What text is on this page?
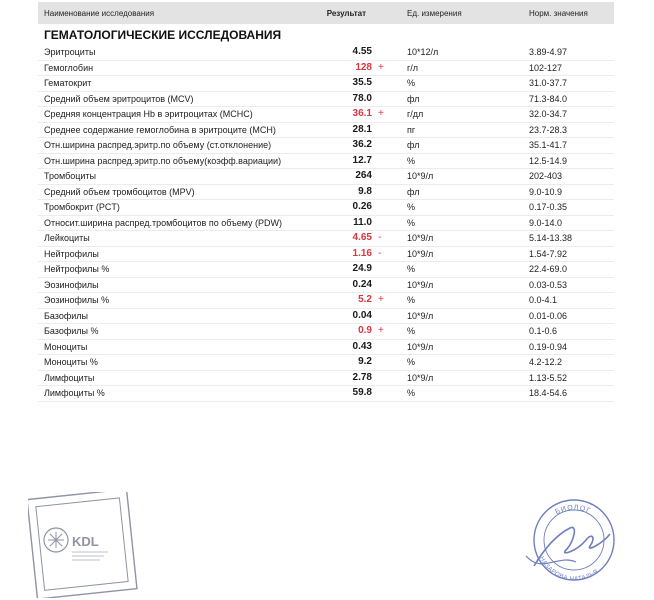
Наименование исследования	Результат		Ед. измерения	Норм. значения
ГЕМАТОЛОГИЧЕСКИЕ ИССЛЕДОВАНИЯ				
Эритроциты	4.55		10*12/л	3.89-4.97
Гемоглобин	128	+	г/л	102-127
Гематокрит	35.5		%	31.0-37.7
Средний объем эритроцитов (MCV)	78.0		фл	71.3-84.0
Средняя концентрация Hb в эритроцитах (MCHC)	36.1	+	г/дл	32.0-34.7
Среднее содержание гемоглобина в эритроците (MCH)	28.1		пг	23.7-28.3
Отн.ширина распред.эритр.по объему (ст.отклонение)	36.2		фл	35.1-41.7
Отн.ширина распред.эритр.по объему(коэфф.вариации)	12.7		%	12.5-14.9
Тромбоциты	264		10*9/л	202-403
Средний объем тромбоцитов (MPV)	9.8		фл	9.0-10.9
Тромбокрит (PCT)	0.26		%	0.17-0.35
Относит.ширина распред.тромбоцитов по объему (PDW)	11.0		%	9.0-14.0
Лейкоциты	4.65	-	10*9/л	5.14-13.38
Нейтрофилы	1.16	-	10*9/л	1.54-7.92
Нейтрофилы %	24.9		%	22.4-69.0
Эозинофилы	0.24		10*9/л	0.03-0.53
Эозинофилы %	5.2	+	%	0.0-4.1
Базофилы	0.04		10*9/л	0.01-0.06
Базофилы %	0.9	+	%	0.1-0.6
Моноциты	0.43		10*9/л	0.19-0.94
Моноциты %	9.2		%	4.2-12.2
Лимфоциты	2.78		10*9/л	1.13-5.52
Лимфоциты %	59.8		%	18.4-54.6
KDL
БИОЛОГ
НАЗАРОВА НАТАЛЬЯ
